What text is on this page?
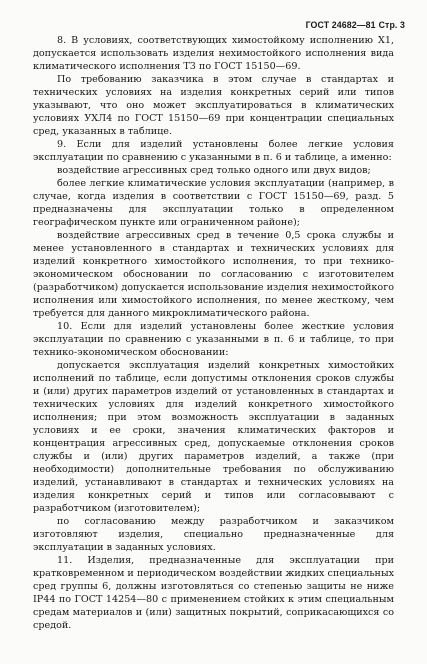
ГОСТ 24682—81 Стр. 3

8. В условиях, соответствующих химостойкому исполнению Х1, допускается использовать изделия нехимостойкого исполнения вида климатического исполнения Т3 по ГОСТ 15150—69.

По требованию заказчика в этом случае в стандартах и технических условиях на изделия конкретных серий или типов указывают, что оно может эксплуатироваться в климатических условиях УХЛ4 по ГОСТ 15150—69 при концентрации специальных сред, указанных в таблице.

9. Если для изделий установлены более легкие условия эксплуатации по сравнению с указанными в п. 6 и таблице, а именно:

воздействие агрессивных сред только одного или двух видов;

более легкие климатические условия эксплуатации (например, в случае, когда изделия в соответствии с ГОСТ 15150—69, разд. 5 предназначены для эксплуатации только в определенном географическом пункте или ограниченном районе);

воздействие агрессивных сред в течение 0,5 срока службы и менее установленного в стандартах и технических условиях для изделий конкретного химостойкого исполнения, то при технико-экономическом обосновании по согласованию с изготовителем (разработчиком) допускается использование изделия нехимостойкого исполнения или химостойкого исполнения, по менее жесткому, чем требуется для данного микроклиматического района.

10. Если для изделий установлены более жесткие условия эксплуатации по сравнению с указанными в п. 6 и таблице, то при технико-экономическом обосновании:

допускается эксплуатация изделий конкретных химостойких исполнений по таблице, если допустимы отклонения сроков службы и (или) других параметров изделий от установленных в стандартах и технических условиях для изделий конкретного химостойкого исполнения; при этом возможность эксплуатации в заданных условиях и ее сроки, значения климатических факторов и концентрация агрессивных сред, допускаемые отклонения сроков службы и (или) других параметров изделий, а также (при необходимости) дополнительные требования по обслуживанию изделий, устанавливают в стандартах и технических условиях на изделия конкретных серий и типов или согласовывают с разработчиком (изготовителем);

по согласованию между разработчиком и заказчиком изготовляют изделия, специально предназначенные для эксплуатации в заданных условиях.

11. Изделия, предназначенные для эксплуатации при кратковременном и периодическом воздействии жидких специальных сред группы 6, должны изготовляться со степенью защиты не ниже IP44 по ГОСТ 14254—80 с применением стойких к этим специальным средам материалов и (или) защитных покрытий, соприкасающихся со средой.
